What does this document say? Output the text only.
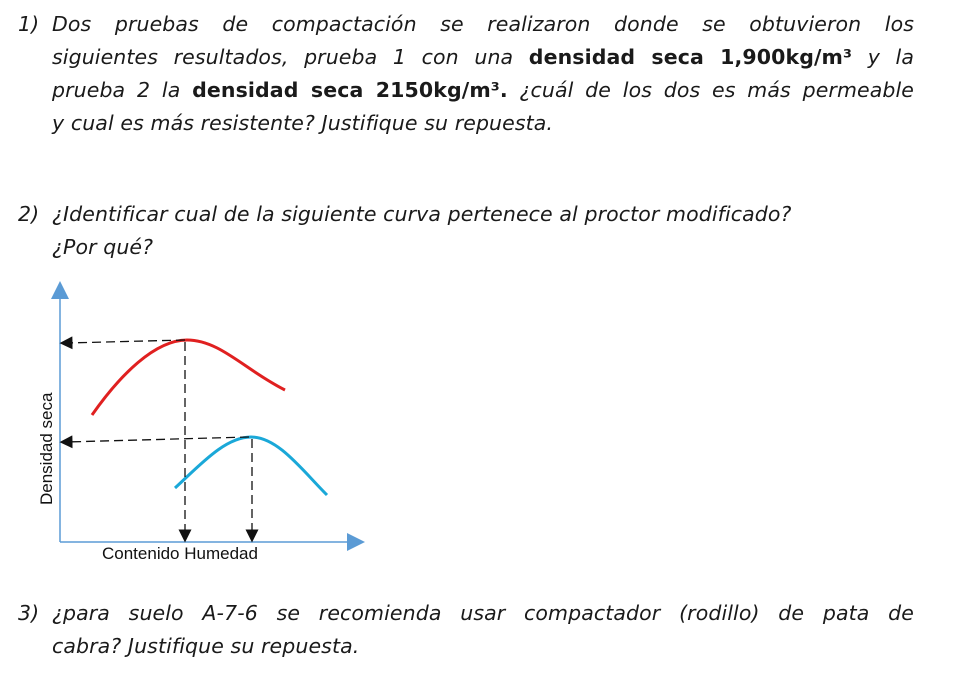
1) Dos pruebas de compactación se realizaron donde se obtuvieron los
siguientes resultados, prueba 1 con una densidad seca 1,900kg/m³ y la
prueba 2 la densidad seca 2150kg/m³. ¿cuál de los dos es más permeable
y cual es más resistente? Justifique su repuesta.
2) ¿Identificar cual de la siguiente curva pertenece al proctor modificado?
¿Por qué?
Contenido Humedad
Densidad seca
3) ¿para suelo A-7-6 se recomienda usar compactador (rodillo) de pata de
cabra? Justifique su repuesta.
